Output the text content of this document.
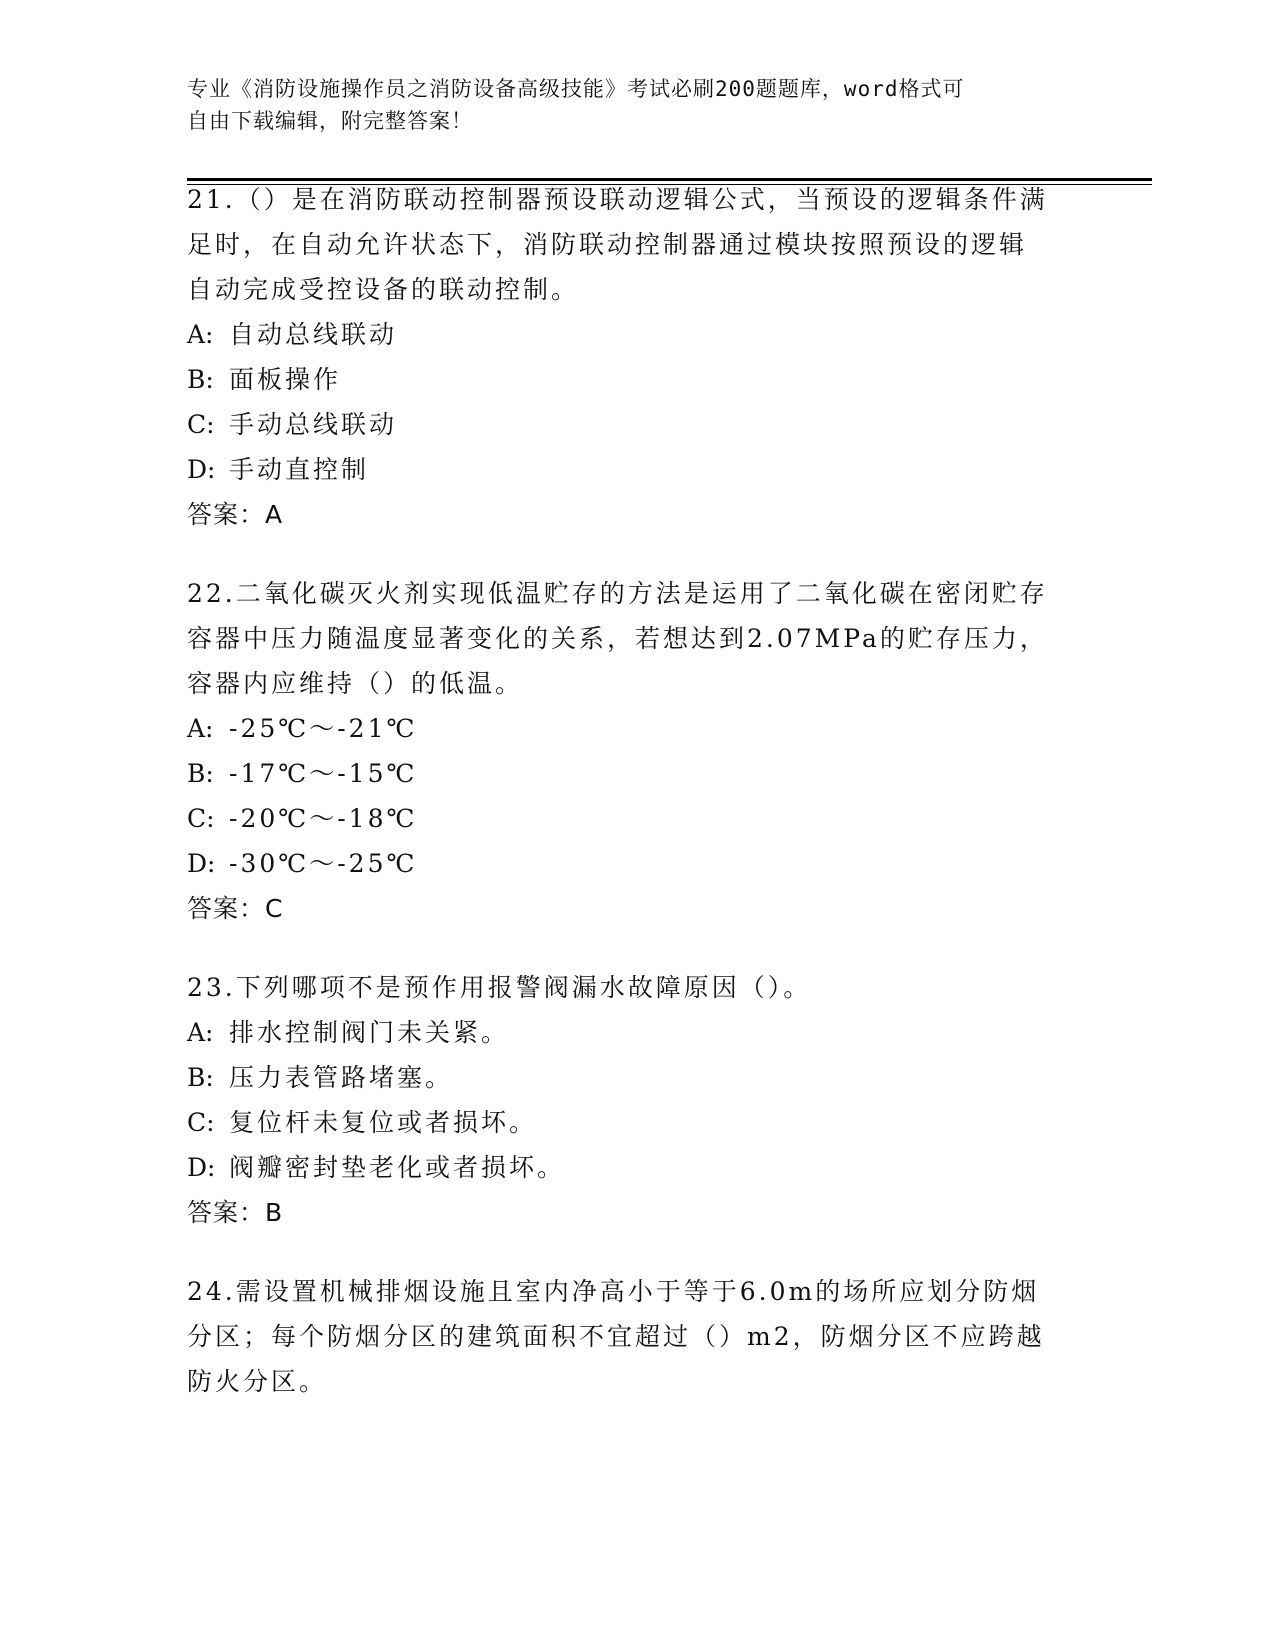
专业《消防设施操作员之消防设备高级技能》考试必刷200题题库，word格式可
自由下载编辑，附完整答案！
21.（）是在消防联动控制器预设联动逻辑公式，当预设的逻辑条件满
足时，在自动允许状态下，消防联动控制器通过模块按照预设的逻辑
自动完成受控设备的联动控制。
A: 自动总线联动
B: 面板操作
C: 手动总线联动
D: 手动直控制
答案：A
22.二氧化碳灭火剂实现低温贮存的方法是运用了二氧化碳在密闭贮存
容器中压力随温度显著变化的关系，若想达到2.07MPa的贮存压力，
容器内应维持（）的低温。
A: -25℃～-21℃
B: -17℃～-15℃
C: -20℃～-18℃
D: -30℃～-25℃
答案：C
23.下列哪项不是预作用报警阀漏水故障原因（）。
A: 排水控制阀门未关紧。
B: 压力表管路堵塞。
C: 复位杆未复位或者损坏。
D: 阀瓣密封垫老化或者损坏。
答案：B
24.需设置机械排烟设施且室内净高小于等于6.0m的场所应划分防烟
分区；每个防烟分区的建筑面积不宜超过（）m2，防烟分区不应跨越
防火分区。
